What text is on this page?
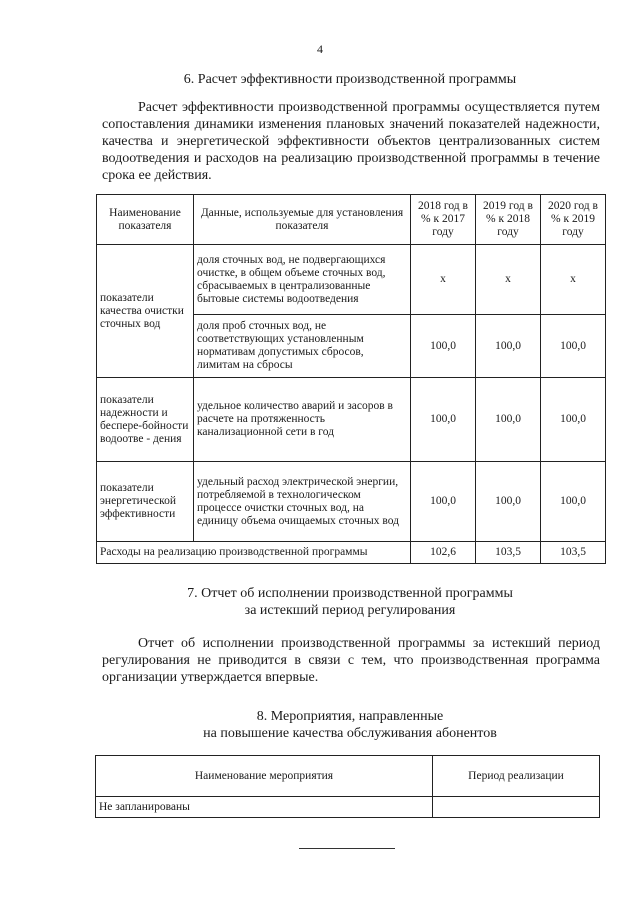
4
6. Расчет эффективности производственной программы
Расчет эффективности производственной программы осуществляется путем сопоставления динамики изменения плановых значений показателей надежности, качества и энергетической эффективности объектов централизованных систем водоотведения и расходов на реализацию производственной программы в течение срока ее действия.
Наименование показателя	Данные, используемые для установления показателя	2018 год в % к 2017 году	2019 год в % к 2018 году	2020 год в % к 2019 году
показатели качества очистки сточных вод	доля сточных вод, не подвергающихся очистке, в общем объеме сточных вод, сбрасываемых в централизованные бытовые системы водоотведения	х	х	х
	доля проб сточных вод, не соответствующих установленным нормативам допустимых сбросов, лимитам на сбросы	100,0	100,0	100,0
показатели надежности и беспере-бойности водоотве - дения	удельное количество аварий и засоров в расчете на протяженность канализационной сети в год	100,0	100,0	100,0
показатели энергетической эффективности	удельный расход электрической энергии, потребляемой в технологическом процессе очистки сточных вод, на единицу объема очищаемых сточных вод	100,0	100,0	100,0
Расходы на реализацию производственной программы		102,6	103,5	103,5
7. Отчет об исполнении производственной программы
за истекший период регулирования
Отчет об исполнении производственной программы за истекший период регулирования не приводится в связи с тем, что производственная программа организации утверждается впервые.
8. Мероприятия, направленные
на повышение качества обслуживания абонентов
Наименование мероприятия	Период реализации
Не запланированы	
